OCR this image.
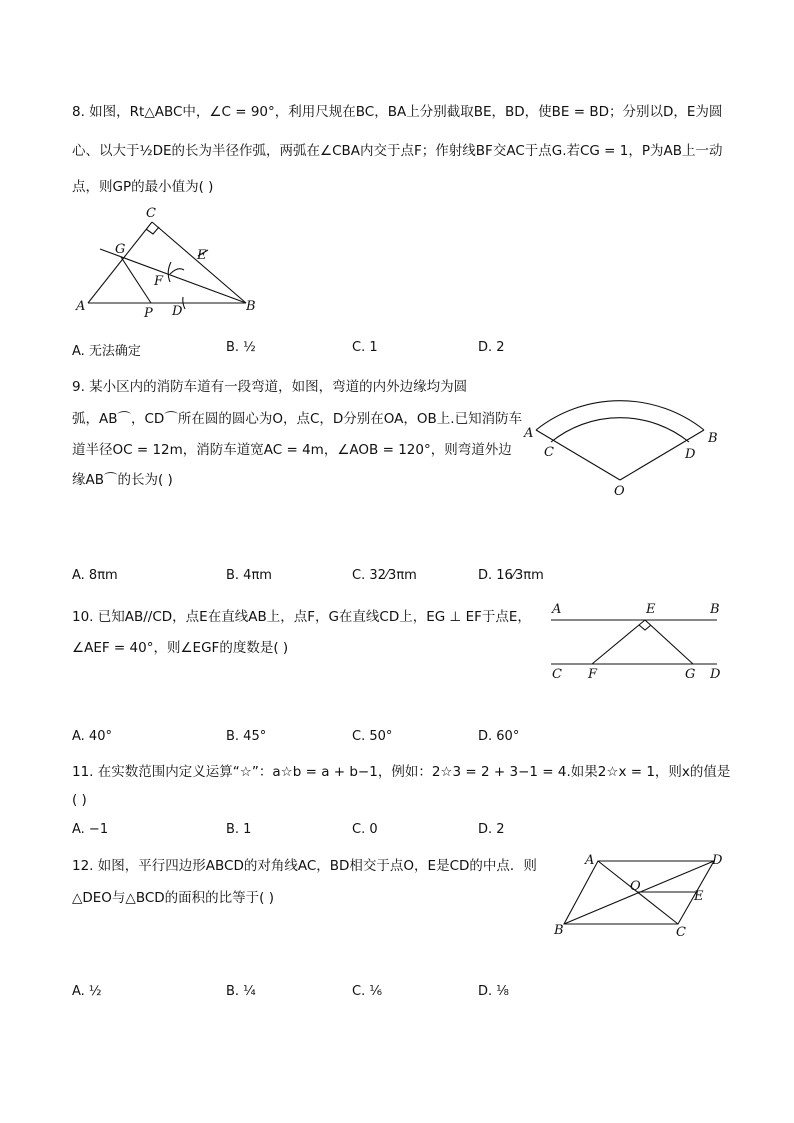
8. 如图，Rt△ABC中，∠C = 90°，利用尺规在BC，BA上分别截取BE，BD，使BE = BD；分别以D，E为圆
心、以大于½DE的长为半径作弧，两弧在∠CBA内交于点F；作射线BF交AC于点G.若CG = 1，P为AB上一动
点，则GP的最小值为( )
C
G	E
F
A	P D	B
A. 无法确定	B. ½	C. 1	D. 2
9. 某小区内的消防车道有一段弯道，如图，弯道的内外边缘均为圆
弧，AB⌒，CD⌒所在圆的圆心为O，点C，D分别在OA，OB上.已知消防车
道半径OC = 12m，消防车道宽AC = 4m，∠AOB = 120°，则弯道外边
缘AB⌒的长为( )
A	B
C	D
O
A. 8πm	B. 4πm	C. 32⁄3πm	D. 16⁄3πm
10. 已知AB//CD，点E在直线AB上，点F，G在直线CD上，EG ⊥ EF于点E，
∠AEF = 40°，则∠EGF的度数是( )
A	E	B
C F	G D
A. 40°	B. 45°	C. 50°	D. 60°
11. 在实数范围内定义运算“☆”：a☆b = a + b−1，例如：2☆3 = 2 + 3−1 = 4.如果2☆x = 1，则x的值是
( )
A. −1	B. 1	C. 0	D. 2
12. 如图，平行四边形ABCD的对角线AC，BD相交于点O，E是CD的中点．则
△DEO与△BCD的面积的比等于( )
A	D
O
E
B	C
A. ½	B. ¼	C. ⅙	D. ⅛
